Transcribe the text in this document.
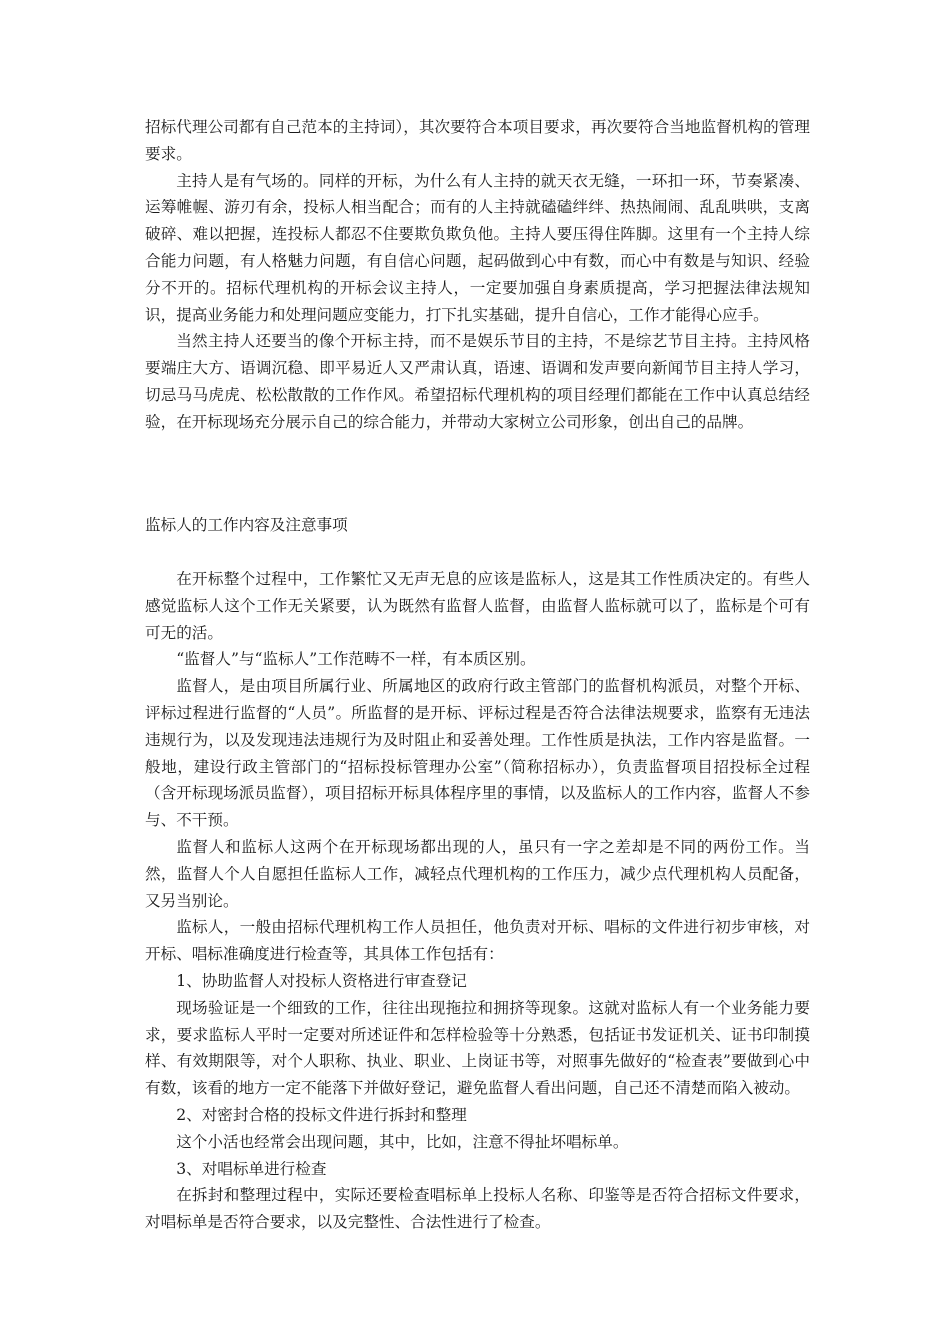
招标代理公司都有自己范本的主持词），其次要符合本项目要求，再次要符合当地监督机构的管理要求。

主持人是有气场的。同样的开标，为什么有人主持的就天衣无缝，一环扣一环，节奏紧凑、运筹帷幄、游刃有余，投标人相当配合；而有的人主持就磕磕绊绊、热热闹闹、乱乱哄哄，支离破碎、难以把握，连投标人都忍不住要欺负欺负他。主持人要压得住阵脚。这里有一个主持人综合能力问题，有人格魅力问题，有自信心问题，起码做到心中有数，而心中有数是与知识、经验分不开的。招标代理机构的开标会议主持人，一定要加强自身素质提高，学习把握法律法规知识，提高业务能力和处理问题应变能力，打下扎实基础，提升自信心，工作才能得心应手。

当然主持人还要当的像个开标主持，而不是娱乐节目的主持，不是综艺节目主持。主持风格要端庄大方、语调沉稳、即平易近人又严肃认真，语速、语调和发声要向新闻节目主持人学习，切忌马马虎虎、松松散散的工作作风。希望招标代理机构的项目经理们都能在工作中认真总结经验，在开标现场充分展示自己的综合能力，并带动大家树立公司形象，创出自己的品牌。

监标人的工作内容及注意事项

在开标整个过程中，工作繁忙又无声无息的应该是监标人，这是其工作性质决定的。有些人感觉监标人这个工作无关紧要，认为既然有监督人监督，由监督人监标就可以了，监标是个可有可无的活。

“监督人”与“监标人”工作范畴不一样，有本质区别。

监督人，是由项目所属行业、所属地区的政府行政主管部门的监督机构派员，对整个开标、评标过程进行监督的“人员”。所监督的是开标、评标过程是否符合法律法规要求，监察有无违法违规行为，以及发现违法违规行为及时阻止和妥善处理。工作性质是执法，工作内容是监督。一般地，建设行政主管部门的“招标投标管理办公室”（简称招标办），负责监督项目招投标全过程（含开标现场派员监督），项目招标开标具体程序里的事情，以及监标人的工作内容，监督人不参与、不干预。

监督人和监标人这两个在开标现场都出现的人，虽只有一字之差却是不同的两份工作。当然，监督人个人自愿担任监标人工作，减轻点代理机构的工作压力，减少点代理机构人员配备，又另当别论。

监标人，一般由招标代理机构工作人员担任，他负责对开标、唱标的文件进行初步审核，对开标、唱标准确度进行检查等，其具体工作包括有：

1、协助监督人对投标人资格进行审查登记

现场验证是一个细致的工作，往往出现拖拉和拥挤等现象。这就对监标人有一个业务能力要求，要求监标人平时一定要对所述证件和怎样检验等十分熟悉，包括证书发证机关、证书印制摸样、有效期限等，对个人职称、执业、职业、上岗证书等，对照事先做好的“检查表”要做到心中有数，该看的地方一定不能落下并做好登记，避免监督人看出问题，自己还不清楚而陷入被动。

2、对密封合格的投标文件进行拆封和整理

这个小活也经常会出现问题，其中，比如，注意不得扯坏唱标单。

3、对唱标单进行检查

在拆封和整理过程中，实际还要检查唱标单上投标人名称、印鉴等是否符合招标文件要求，对唱标单是否符合要求，以及完整性、合法性进行了检查。
